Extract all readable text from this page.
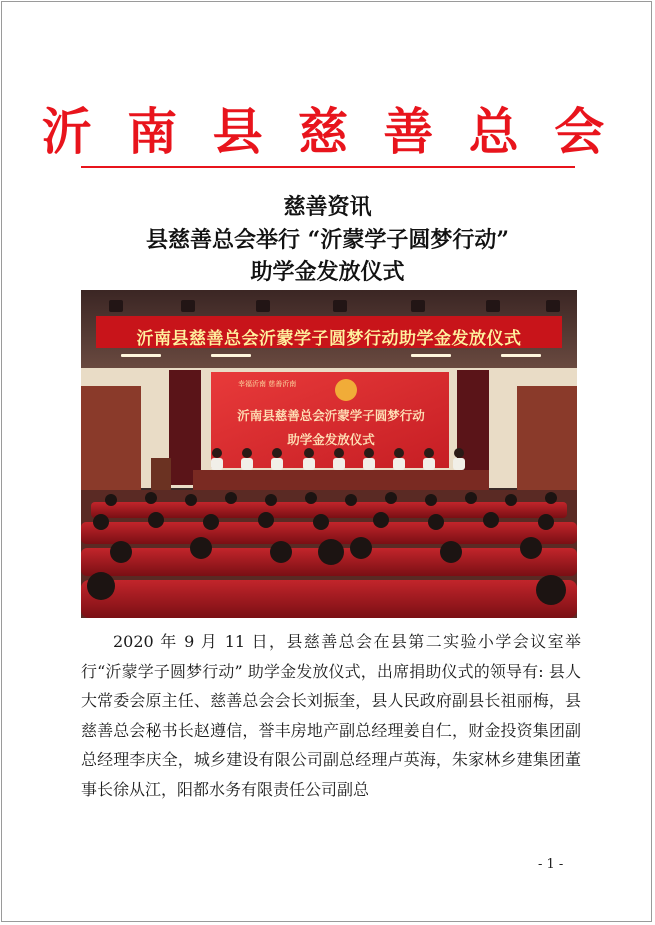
沂 南 县 慈 善 总 会
慈善资讯
县慈善总会举行 “沂蒙学子圆梦行动”
助学金发放仪式
沂南县慈善总会沂蒙学子圆梦行动助学金发放仪式
幸福沂南 慈善沂南
沂南县慈善总会沂蒙学子圆梦行动
助学金发放仪式

2020 年 9 月 11 日，县慈善总会在县第二实验小学会议室举行“沂蒙学子圆梦行动” 助学金发放仪式，出席捐助仪式的领导有: 县人大常委会原主任、慈善总会会长刘振奎，县人民政府副县长祖丽梅，县慈善总会秘书长赵遵信，誉丰房地产副总经理姜自仁，财金投资集团副总经理李庆全，城乡建设有限公司副总经理卢英海，朱家林乡建集团董事长徐从江，阳都水务有限责任公司副总

- 1 -
